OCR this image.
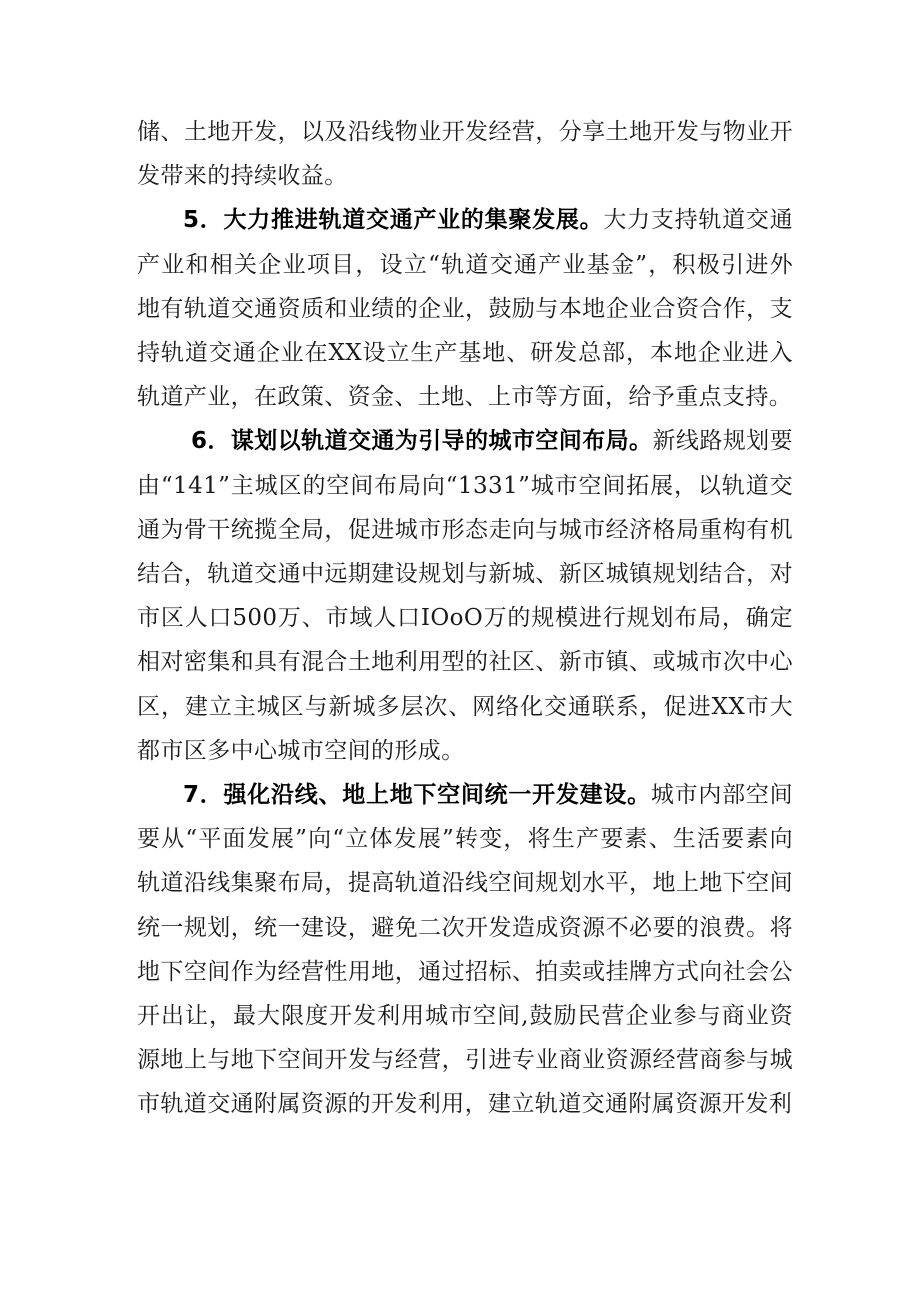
储、土地开发，以及沿线物业开发经营，分享土地开发与物业开发带来的持续收益。

5．大力推进轨道交通产业的集聚发展。大力支持轨道交通产业和相关企业项目，设立“轨道交通产业基金”，积极引进外地有轨道交通资质和业绩的企业，鼓励与本地企业合资合作，支持轨道交通企业在XX设立生产基地、研发总部，本地企业进入轨道产业，在政策、资金、土地、上市等方面，给予重点支持。

6．谋划以轨道交通为引导的城市空间布局。新线路规划要由“141”主城区的空间布局向“1331”城市空间拓展，以轨道交通为骨干统揽全局，促进城市形态走向与城市经济格局重构有机结合，轨道交通中远期建设规划与新城、新区城镇规划结合，对市区人口500万、市域人口IOoO万的规模进行规划布局，确定相对密集和具有混合土地利用型的社区、新市镇、或城市次中心区，建立主城区与新城多层次、网络化交通联系，促进XX市大都市区多中心城市空间的形成。

7．强化沿线、地上地下空间统一开发建设。城市内部空间要从“平面发展”向“立体发展”转变，将生产要素、生活要素向轨道沿线集聚布局，提高轨道沿线空间规划水平，地上地下空间统一规划，统一建设，避免二次开发造成资源不必要的浪费。将地下空间作为经营性用地，通过招标、拍卖或挂牌方式向社会公开出让，最大限度开发利用城市空间,鼓励民营企业参与商业资源地上与地下空间开发与经营，引进专业商业资源经营商参与城市轨道交通附属资源的开发利用，建立轨道交通附属资源开发利
